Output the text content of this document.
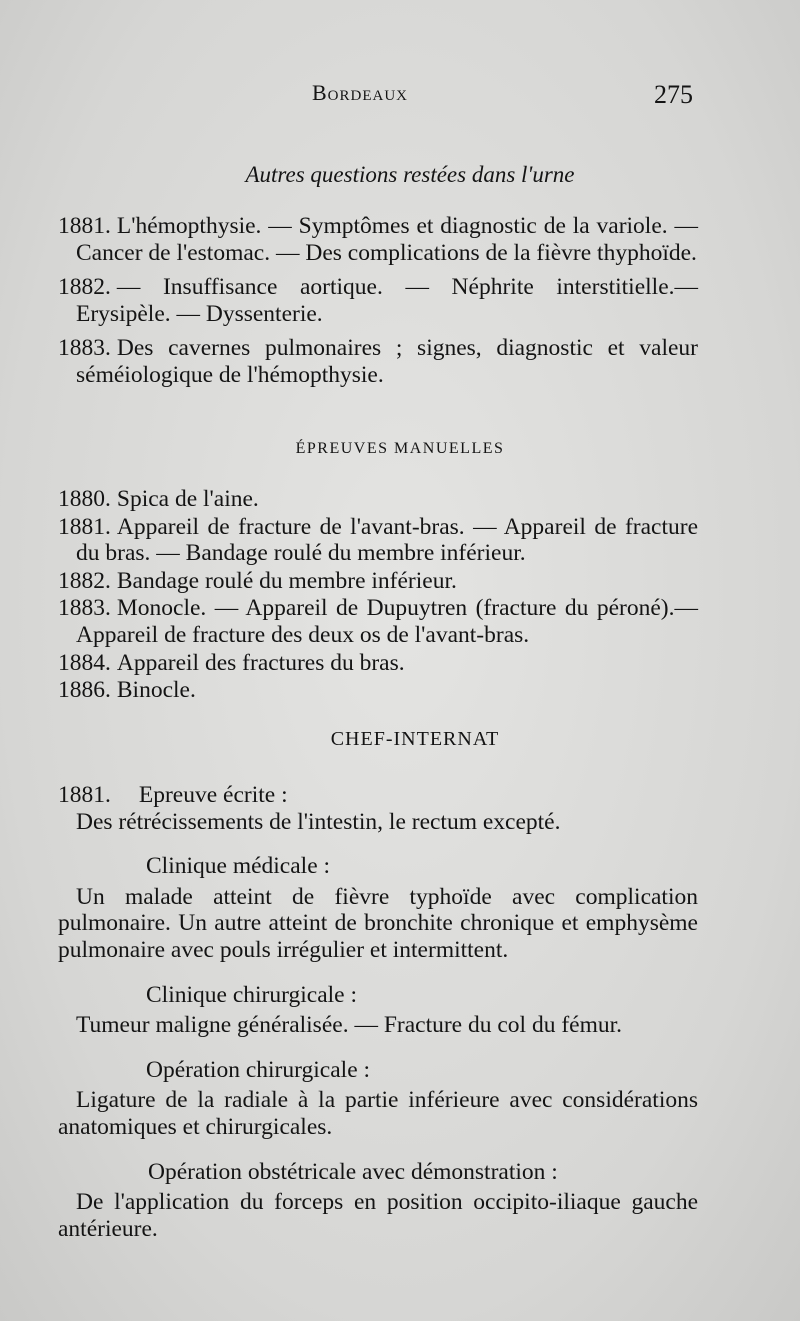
Bordeaux	275
Autres questions restées dans l'urne

1881. L'hémopthysie. — Symptômes et diagnostic de la variole. — Cancer de l'estomac. — Des complications de la fièvre thyphoïde.

1882. — Insuffisance aortique. — Néphrite interstitielle.— Erysipèle. — Dyssenterie.

1883. Des cavernes pulmonaires ; signes, diagnostic et valeur séméiologique de l'hémopthysie.

ÉPREUVES MANUELLES

1880. Spica de l'aine.

1881. Appareil de fracture de l'avant-bras. — Appareil de fracture du bras. — Bandage roulé du membre inférieur.

1882. Bandage roulé du membre inférieur.

1883. Monocle. — Appareil de Dupuytren (fracture du péroné).— Appareil de fracture des deux os de l'avant-bras.

1884. Appareil des fractures du bras.

1886. Binocle.

CHEF-INTERNAT

1881. Epreuve écrite :

Des rétrécissements de l'intestin, le rectum excepté.

Clinique médicale :

Un malade atteint de fièvre typhoïde avec complication pulmonaire. Un autre atteint de bronchite chronique et emphysème pulmonaire avec pouls irrégulier et intermittent.

Clinique chirurgicale :

Tumeur maligne généralisée. — Fracture du col du fémur.

Opération chirurgicale :

Ligature de la radiale à la partie inférieure avec considérations anatomiques et chirurgicales.

Opération obstétricale avec démonstration :

De l'application du forceps en position occipito-iliaque gauche antérieure.
